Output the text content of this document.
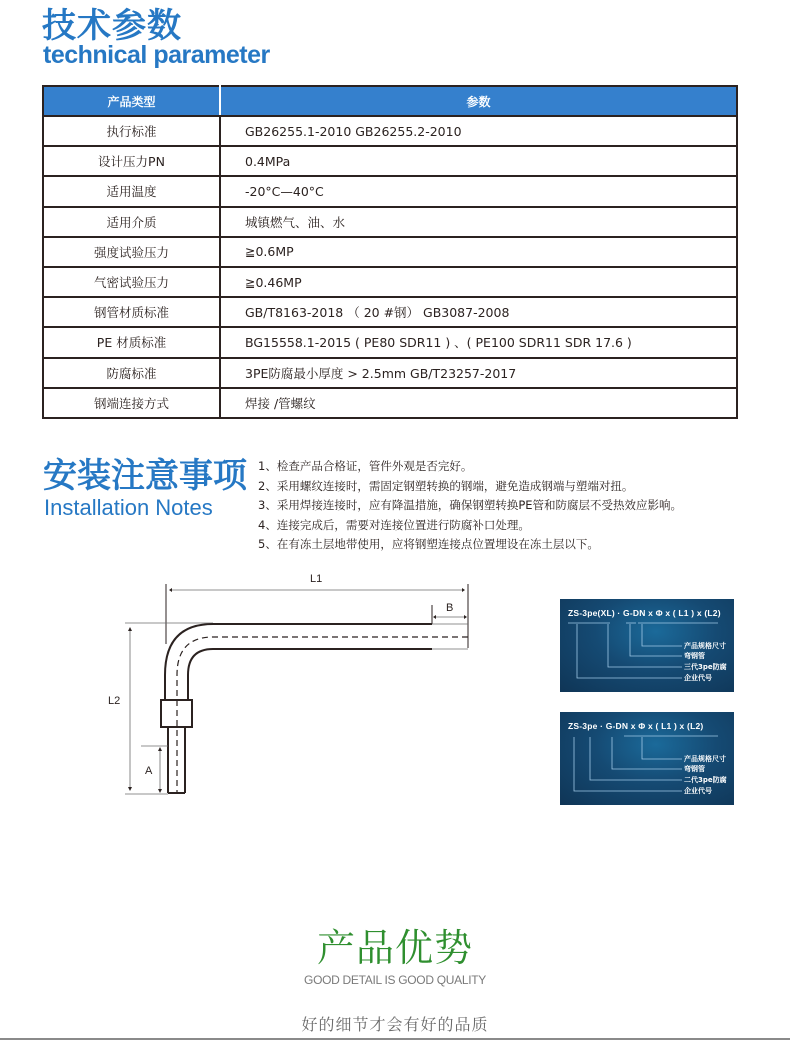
技术参数
technical parameter
产品类型	参数
执行标准	GB26255.1-2010 GB26255.2-2010
设计压力PN	0.4MPa
适用温度	-20°C—40°C
适用介质	城镇燃气、油、水
强度试验压力	≧0.6MP
气密试验压力	≧0.46MP
钢管材质标准	GB/T8163-2018 （ 20 #钢） GB3087-2008
PE 材质标准	BG15558.1-2015 ( PE80 SDR11 ) 、( PE100 SDR11 SDR 17.6 )
防腐标准	3PE防腐最小厚度 > 2.5mm GB/T23257-2017
钢端连接方式	焊接 /管螺纹
安装注意事项
Installation Notes
1、检查产品合格证，管件外观是否完好。
2、采用螺纹连接时，需固定钢塑转换的钢端，避免造成钢端与塑端对扭。
3、采用焊接连接时，应有降温措施，确保钢塑转换PE管和防腐层不受热效应影响。
4、连接完成后，需要对连接位置进行防腐补口处理。
5、在有冻土层地带使用，应将钢塑连接点位置埋设在冻土层以下。
L1
B
L2
A
ZS-3pe(XL) · G-DN x Φ x ( L1 ) x (L2)
产品规格尺寸
弯钢管
三代3pe防腐
企业代号
ZS-3pe · G-DN x Φ x ( L1 ) x (L2)
产品规格尺寸
弯钢管
二代3pe防腐
企业代号
产品优势
GOOD DETAIL IS GOOD QUALITY
好的细节才会有好的品质
